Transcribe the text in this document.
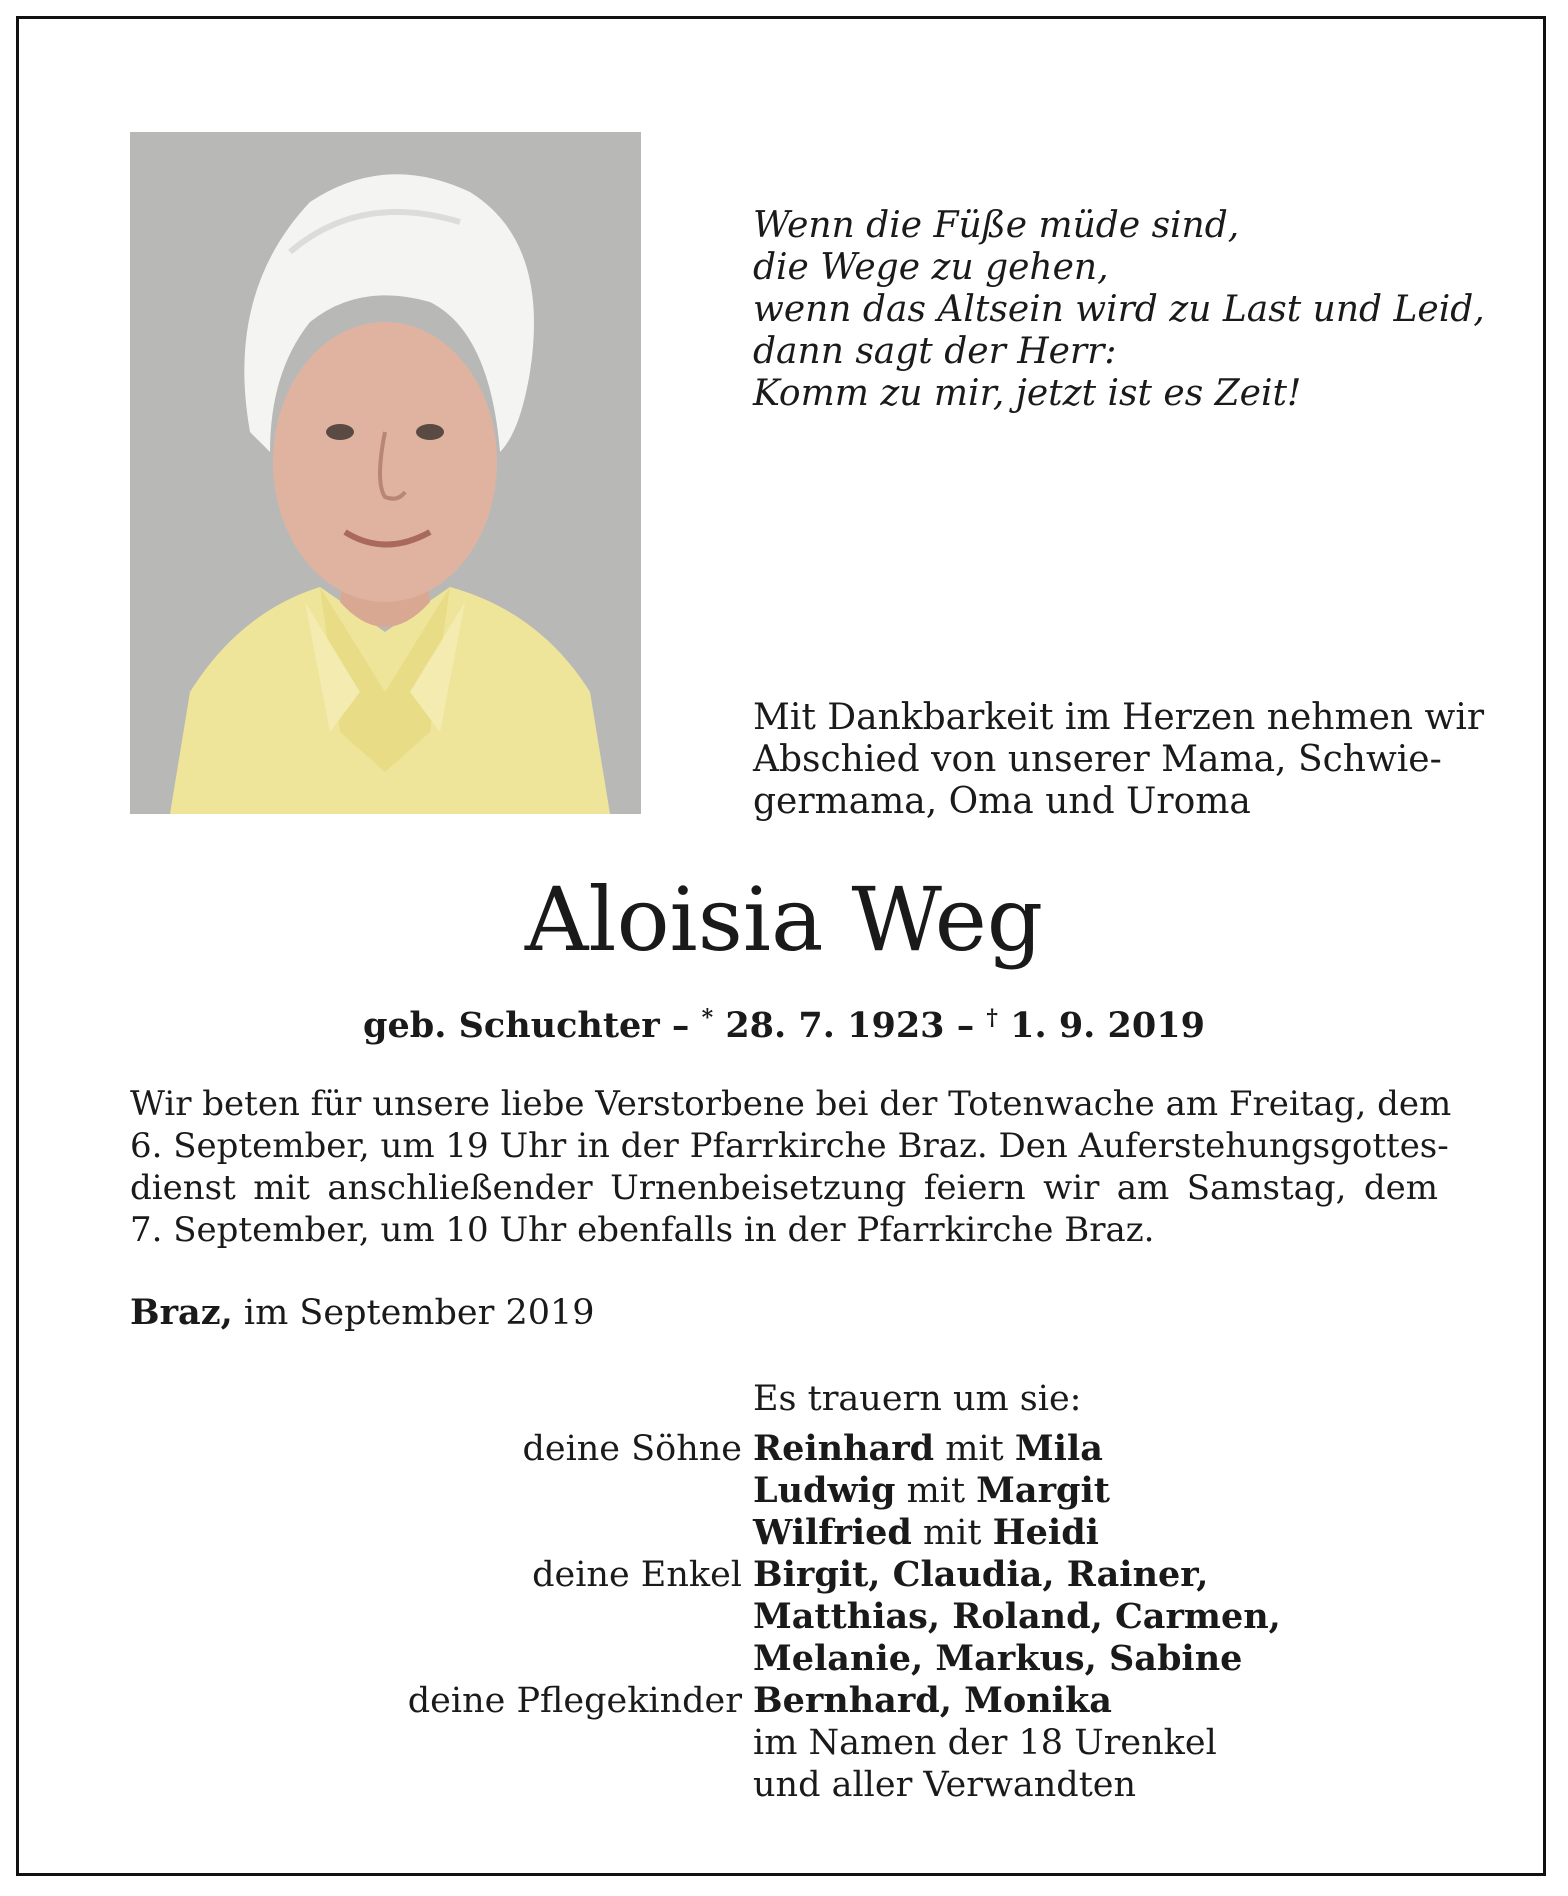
Wenn die Füße müde sind,
die Wege zu gehen,
wenn das Altsein wird zu Last und Leid,
dann sagt der Herr:
Komm zu mir, jetzt ist es Zeit!
Mit Dankbarkeit im Herzen nehmen wir
Abschied von unserer Mama, Schwie-
germama, Oma und Uroma
Aloisia Weg
geb. Schuchter – * 28. 7. 1923 – † 1. 9. 2019
Wir beten für unsere liebe Verstorbene bei der Totenwache am Freitag, dem
6. September, um 19 Uhr in der Pfarrkirche Braz. Den Auferstehungsgottes-
dienst mit anschließender Urnenbeisetzung feiern wir am Samstag, dem
7. September, um 10 Uhr ebenfalls in der Pfarrkirche Braz.
Braz, im September 2019
Es trauern um sie:
deine Söhne Reinhard mit Mila
Ludwig mit Margit
Wilfried mit Heidi
deine Enkel Birgit, Claudia, Rainer,
Matthias, Roland, Carmen,
Melanie, Markus, Sabine
deine Pflegekinder Bernhard, Monika
im Namen der 18 Urenkel
und aller Verwandten
